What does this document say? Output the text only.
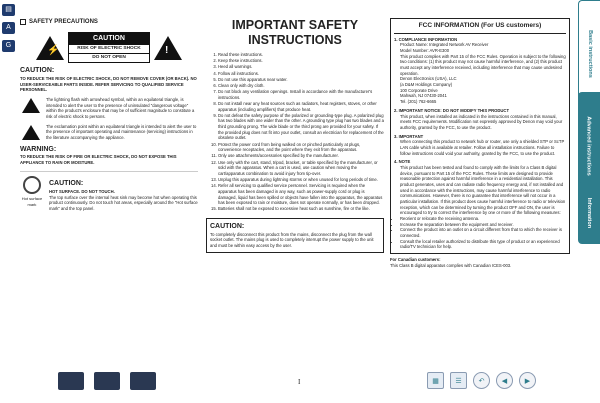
▤
A
G
SAFETY PRECAUTIONS
⚡
CAUTION
RISK OF ELECTRIC SHOCK
DO NOT OPEN
!
CAUTION:
TO REDUCE THE RISK OF ELECTRIC SHOCK, DO NOT REMOVE COVER (OR BACK). NO USER-SERVICEABLE PARTS INSIDE. REFER SERVICING TO QUALIFIED SERVICE PERSONNEL.
The lightning flash with arrowhead symbol, within an equilateral triangle, is intended to alert the user to the presence of uninsulated "dangerous voltage" within the product's enclosure that may be of sufficient magnitude to constitute a risk of electric shock to persons.
The exclamation point within an equilateral triangle is intended to alert the user to the presence of important operating and maintenance (servicing) instructions in the literature accompanying the appliance.
WARNING:
TO REDUCE THE RISK OF FIRE OR ELECTRIC SHOCK, DO NOT EXPOSE THIS APPLIANCE TO RAIN OR MOISTURE.
Hot surface mark
CAUTION:
HOT SURFACE. DO NOT TOUCH.
The top surface over the internal heat sink may become hot when operating this product continuously. Do not touch hot areas, especially around the "Hot surface mark" and the top panel.
IMPORTANT SAFETY INSTRUCTIONS
1. Read these instructions.
2. Keep these instructions.
3. Heed all warnings.
4. Follow all instructions.
5. Do not use this apparatus near water.
6. Clean only with dry cloth.
7. Do not block any ventilation openings. Install in accordance with the manufacturer's instructions.
8. Do not install near any heat sources such as radiators, heat registers, stoves, or other apparatus (including amplifiers) that produce heat.
9. Do not defeat the safety purpose of the polarized or grounding-type plug. A polarized plug has two blades with one wider than the other. A grounding type plug has two blades and a third grounding prong. The wide blade or the third prong are provided for your safety. If the provided plug does not fit into your outlet, consult an electrician for replacement of the obsolete outlet.
10. Protect the power cord from being walked on or pinched particularly at plugs, convenience receptacles, and the point where they exit from the apparatus.
11. Only use attachments/accessories specified by the manufacturer.
12. Use only with the cart, stand, tripod, bracket, or table specified by the manufacturer, or sold with the apparatus. When a cart is used, use caution when moving the cart/apparatus combination to avoid injury from tip-over.
13. Unplug this apparatus during lightning storms or when unused for long periods of time.
14. Refer all servicing to qualified service personnel. Servicing is required when the apparatus has been damaged in any way, such as power-supply cord or plug is damaged, liquid has been spilled or objects have fallen into the apparatus, the apparatus has been exposed to rain or moisture, does not operate normally, or has been dropped.
15. Batteries shall not be exposed to excessive heat such as sunshine, fire or the like.
CAUTION:
To completely disconnect this product from the mains, disconnect the plug from the wall socket outlet. The mains plug is used to completely interrupt the power supply to the unit and must be within easy access by the user.
FCC INFORMATION (For US customers)
1. COMPLIANCE INFORMATION
Product Name: Integrated Network AV Receiver
Model Number: AVR-E300
This product complies with Part 15 of the FCC Rules. Operation is subject to the following two conditions: (1) this product may not cause harmful interference, and (2) this product must accept any interference received, including interference that may cause undesired operation.
Denon Electronics (USA), LLC
(a D&M Holdings Company)
100 Corporate Drive
Mahwah, NJ 07430-2041
Tel. (201) 762-6665
2. IMPORTANT NOTICE: DO NOT MODIFY THIS PRODUCT
This product, when installed as indicated in the instructions contained in this manual, meets FCC requirements. Modification not expressly approved by Denon may void your authority, granted by the FCC, to use the product.
3. IMPORTANT
When connecting this product to network hub or router, use only a shielded STP or ScTP LAN cable which is available at retailer. Follow all installation instructions. Failure to follow instructions could void your authority, granted by the FCC, to use the product.
4. NOTE
This product has been tested and found to comply with the limits for a Class B digital device, pursuant to Part 15 of the FCC Rules. These limits are designed to provide reasonable protection against harmful interference in a residential installation. This product generates, uses and can radiate radio frequency energy and, if not installed and used in accordance with the instructions, may cause harmful interference to radio communications. However, there is no guarantee that interference will not occur in a particular installation. If this product does cause harmful interference to radio or television reception, which can be determined by turning the product OFF and ON, the user is encouraged to try to correct the interference by one or more of the following measures:
• Reorient or relocate the receiving antenna.
• Increase the separation between the equipment and receiver.
• Connect the product into an outlet on a circuit different from that to which the receiver is connected.
• Consult the local retailer authorized to distribute this type of product or an experienced radio/TV technician for help.
For Canadian customers:
This Class B digital apparatus complies with Canadian ICES-003.
Basic instructions
Advanced instructions
Information
I	▦	☰	↶	◀	▶
